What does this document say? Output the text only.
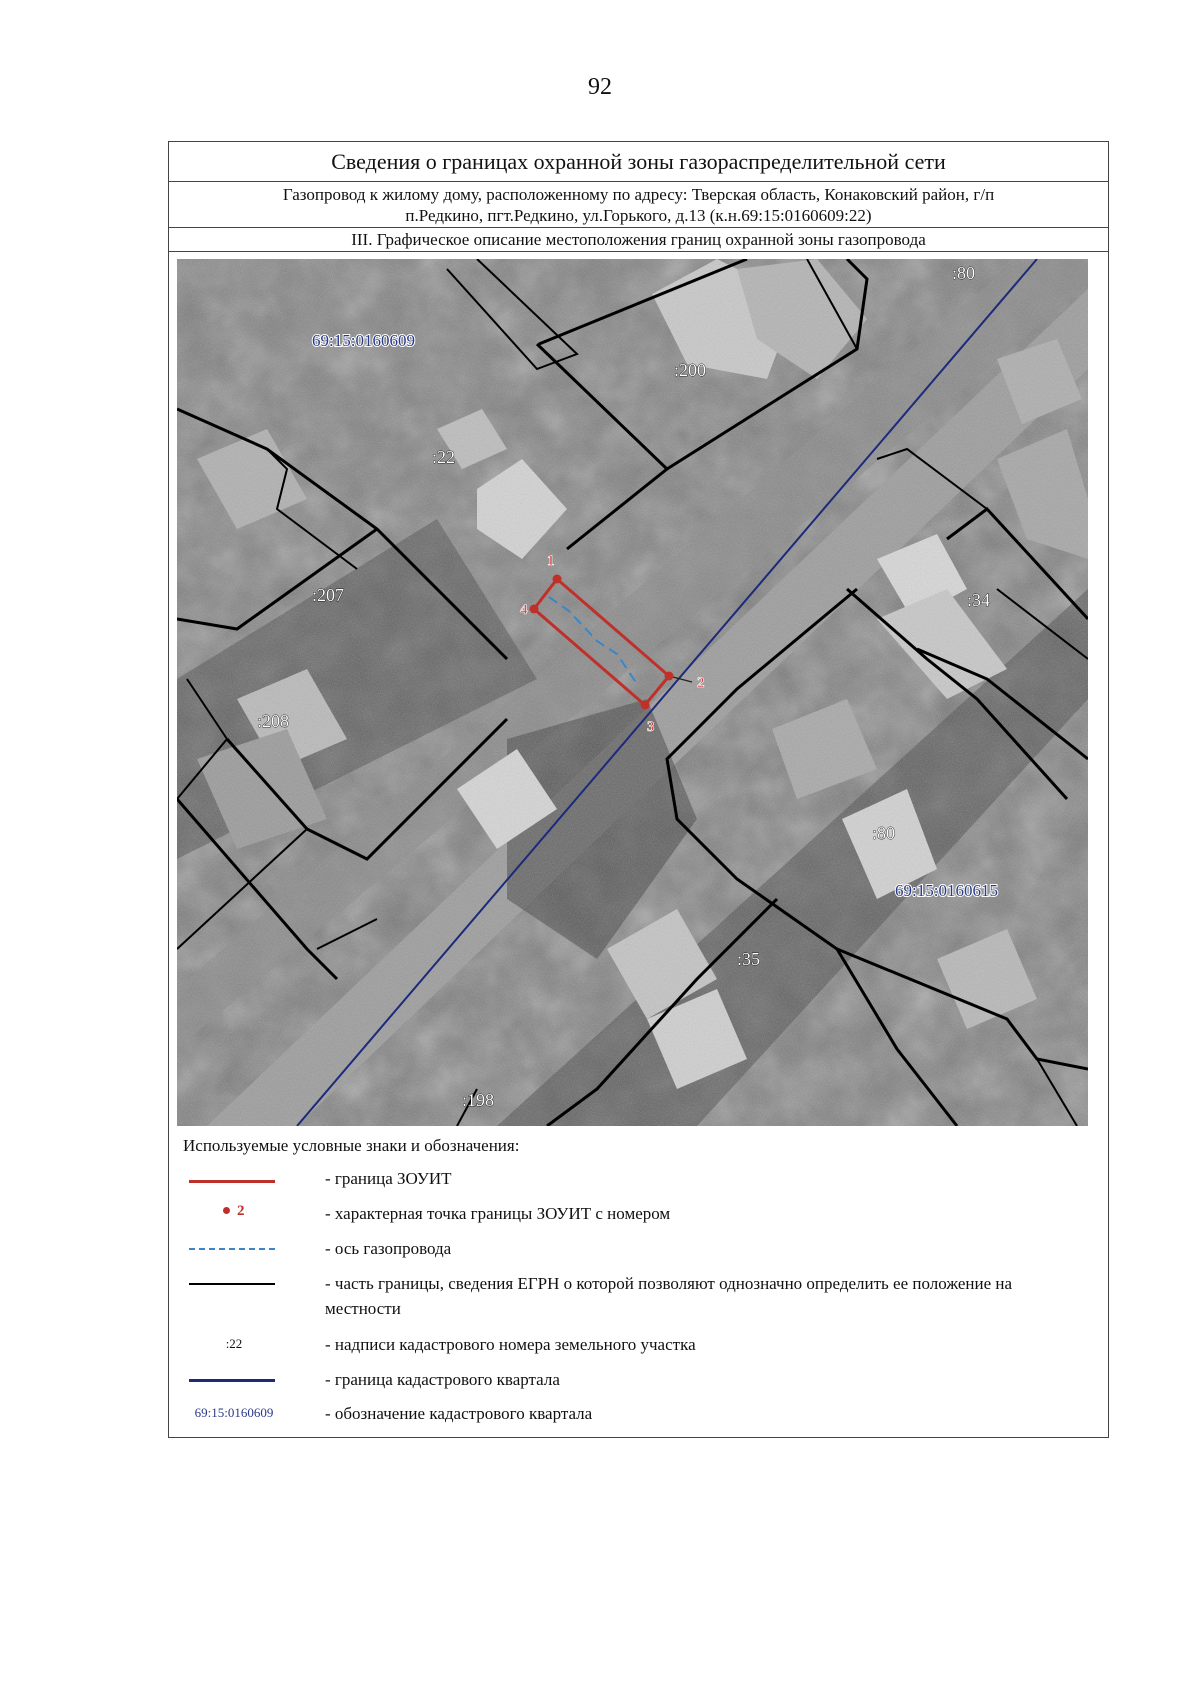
92
Сведения о границах охранной зоны газораспределительной сети
Газопровод к жилому дому, расположенному по адресу: Тверская область, Конаковский район, г/п
п.Редкино, пгт.Редкино, ул.Горького, д.13 (к.н.69:15:0160609:22)
III. Графическое описание местоположения границ охранной зоны газопровода
1
2
3
4
:80
:200
:22
:207
:208
:34
:80
:35
:198
69:15:0160609
69:15:0160615
Используемые условные знаки и обозначения:
- граница ЗОУИТ
2	- характерная точка границы ЗОУИТ с номером
- ось газопровода
- часть границы, сведения ЕГРН о которой позволяют однозначно определить ее положение на местности
:22	- надписи кадастрового номера земельного участка
- граница кадастрового квартала
69:15:0160609	- обозначение кадастрового квартала
